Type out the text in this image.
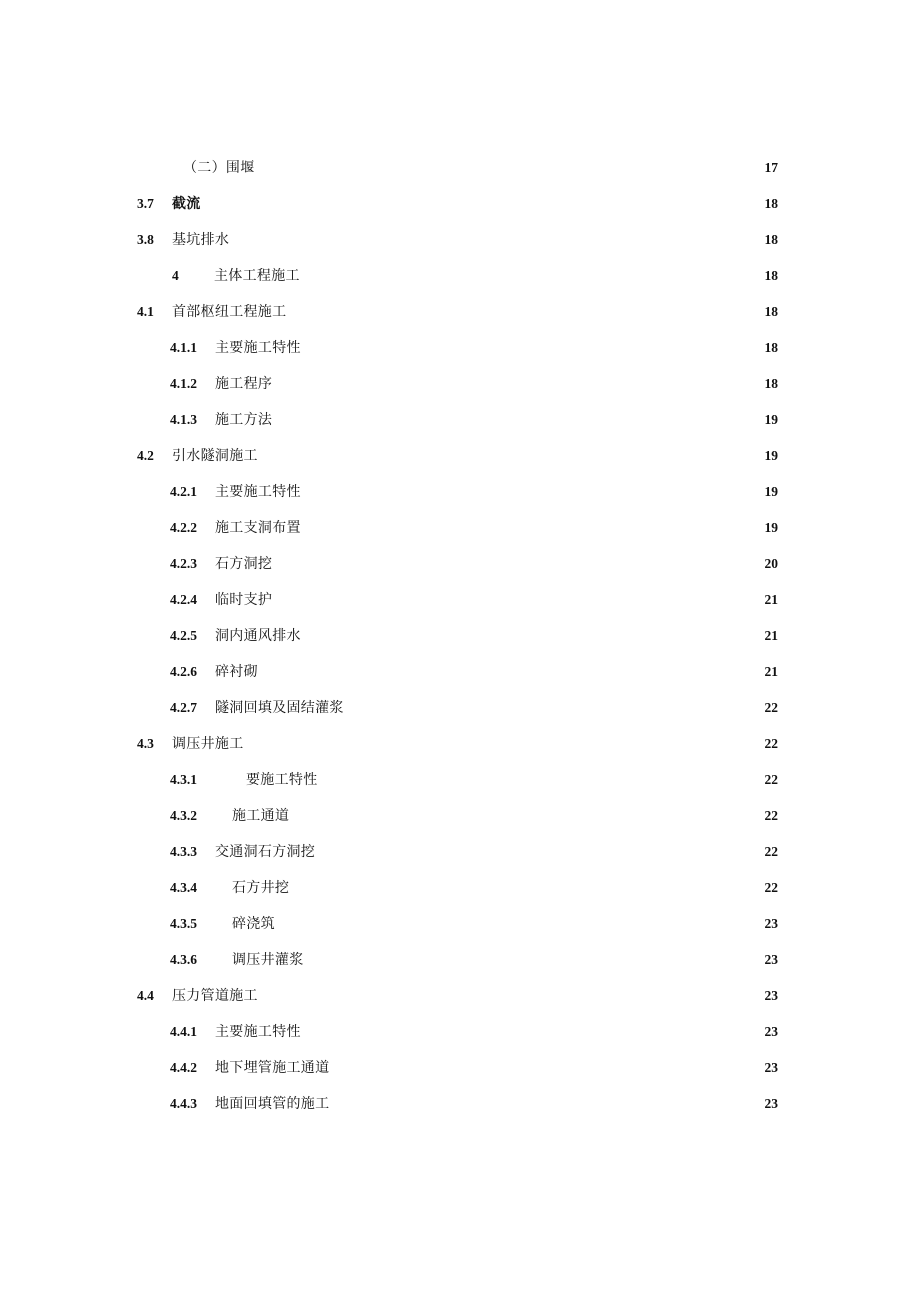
（二）围堰	17
3.7 截流	18
3.8 基坑排水	18
4	主体工程施工	18
4.1 首部枢纽工程施工	18
4.1.1 主要施工特性	18
4.1.2 施工程序	18
4.1.3 施工方法	19
4.2 引水隧洞施工	19
4.2.1 主要施工特性	19
4.2.2 施工支洞布置	19
4.2.3 石方洞挖	20
4.2.4 临时支护	21
4.2.5 洞内通风排水	21
4.2.6 碎衬砌	21
4.2.7 隧洞回填及固结灌浆	22
4.3 调压井施工	22
4.3.1	要施工特性	22
4.3.2	施工通道	22
4.3.3 交通洞石方洞挖	22
4.3.4	石方井挖	22
4.3.5	碎浇筑	23
4.3.6	调压井灌浆	23
4.4 压力管道施工	23
4.4.1 主要施工特性	23
4.4.2 地下埋管施工通道	23
4.4.3 地面回填管的施工	23
